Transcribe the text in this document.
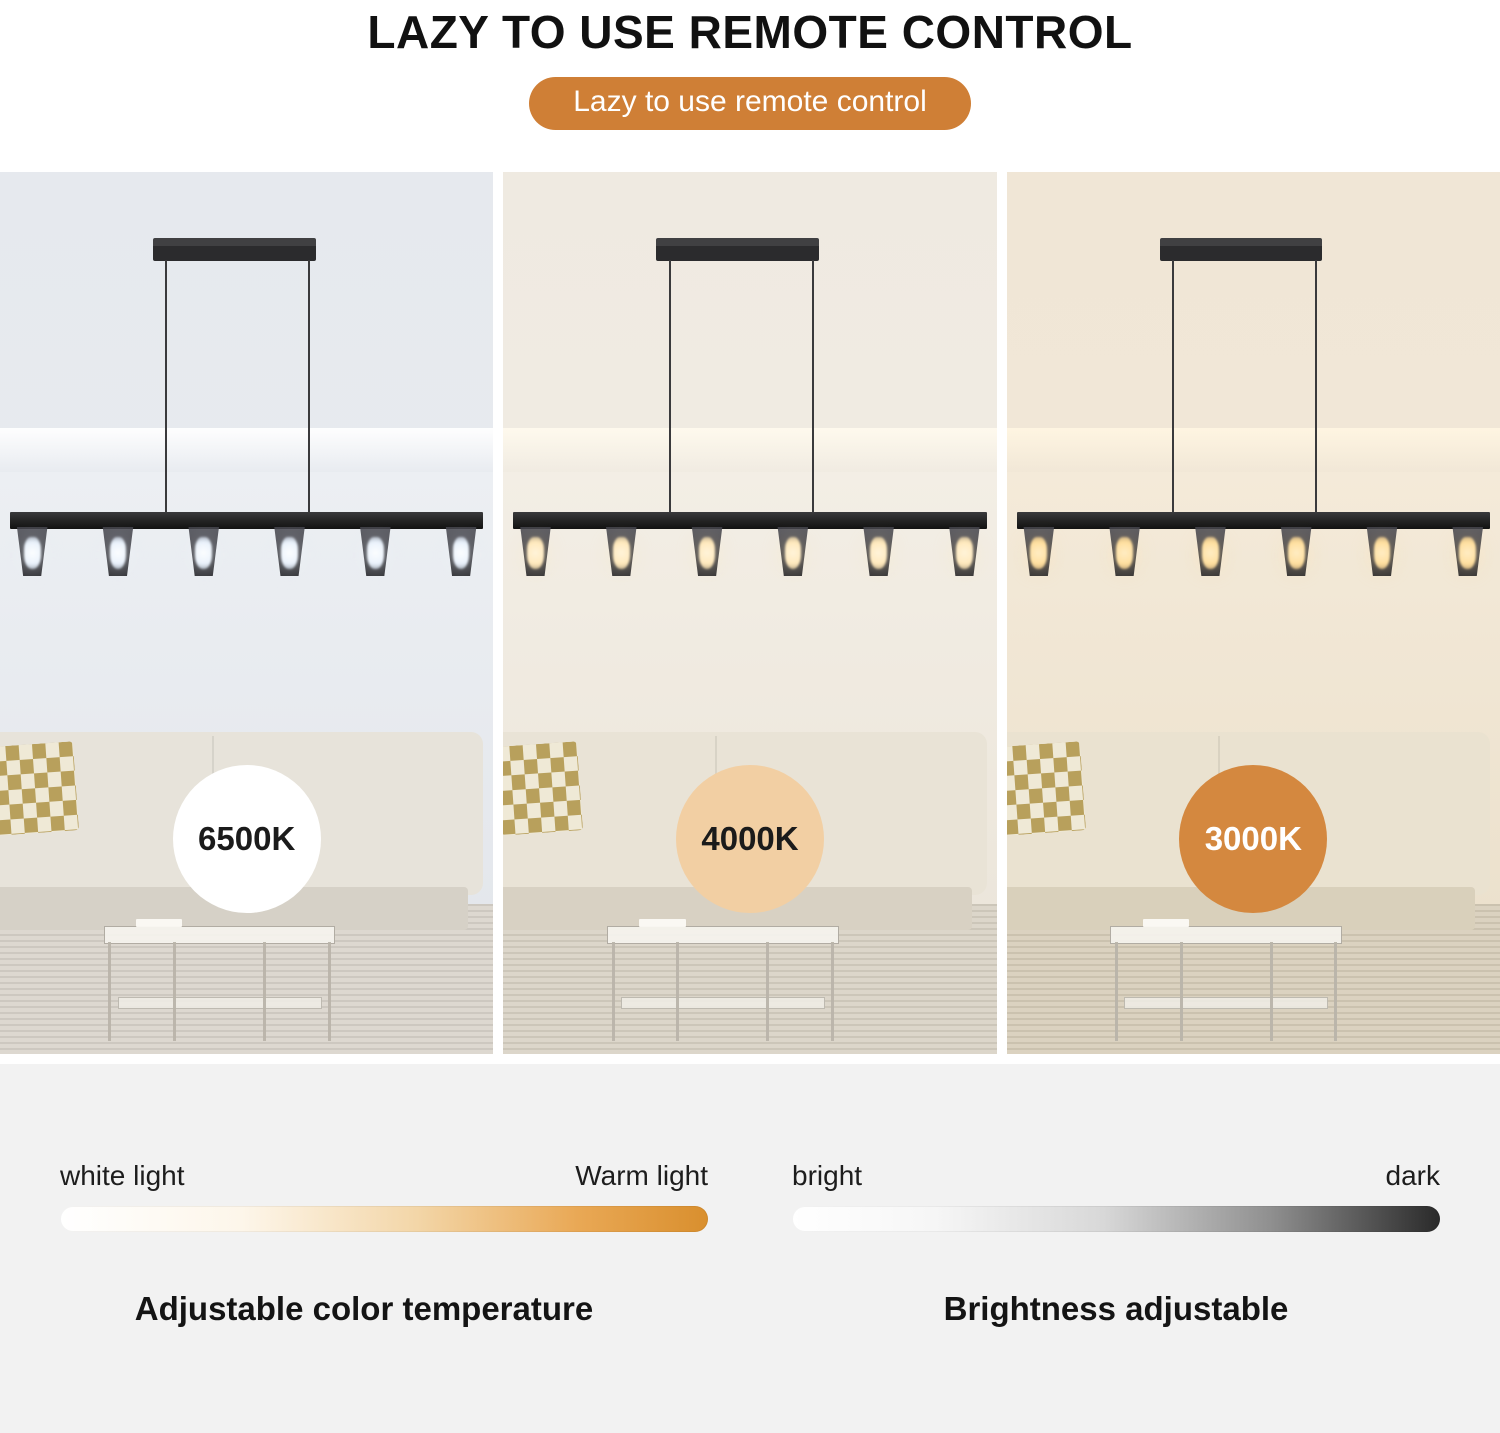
LAZY TO USE REMOTE CONTROL
Lazy to use remote control
6500K	4000K	3000K
white light	Warm light
Adjustable color temperature
bright	dark
Brightness adjustable
